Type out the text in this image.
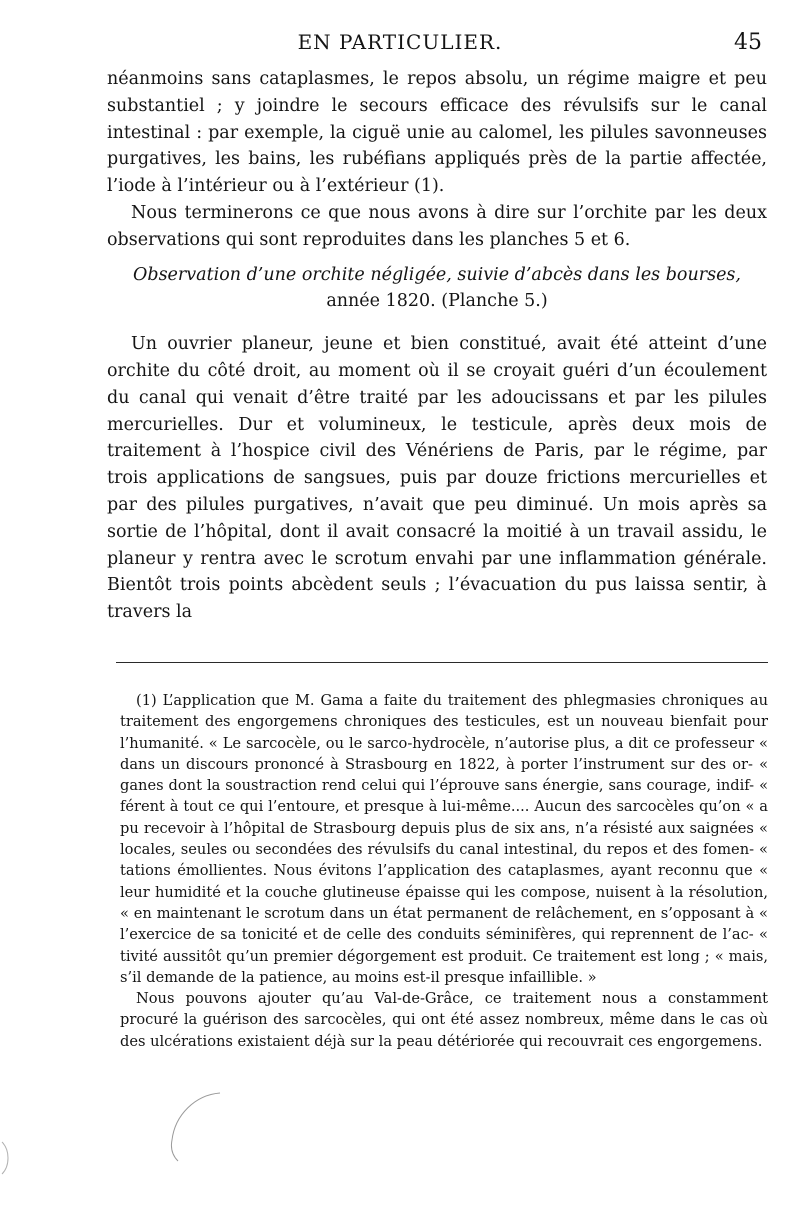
EN PARTICULIER.	45

néanmoins sans cataplasmes, le repos absolu, un régime maigre et peu substantiel ; y joindre le secours efficace des révulsifs sur le canal intestinal : par exemple, la ciguë unie au calomel, les pilules savonneuses purgatives, les bains, les rubéfians appliqués près de la partie affectée, l’iode à l’intérieur ou à l’extérieur (1).

Nous terminerons ce que nous avons à dire sur l’orchite par les deux observations qui sont reproduites dans les planches 5 et 6.

Observation d’une orchite négligée, suivie d’abcès dans les bourses, année 1820. (Planche 5.)

Un ouvrier planeur, jeune et bien constitué, avait été atteint d’une orchite du côté droit, au moment où il se croyait guéri d’un écoulement du canal qui venait d’être traité par les adoucissans et par les pilules mercurielles. Dur et volumineux, le testicule, après deux mois de traitement à l’hospice civil des Vénériens de Paris, par le régime, par trois applications de sangsues, puis par douze frictions mercurielles et par des pilules purgatives, n’avait que peu diminué. Un mois après sa sortie de l’hôpital, dont il avait consacré la moitié à un travail assidu, le planeur y rentra avec le scrotum envahi par une inflammation générale. Bientôt trois points abcèdent seuls ; l’évacuation du pus laissa sentir, à travers la

(1) L’application que M. Gama a faite du traitement des phlegmasies chroniques au traitement des engorgemens chroniques des testicules, est un nouveau bienfait pour l’humanité. « Le sarcocèle, ou le sarco-hydrocèle, n’autorise plus, a dit ce professeur « dans un discours prononcé à Strasbourg en 1822, à porter l’instrument sur des or- « ganes dont la soustraction rend celui qui l’éprouve sans énergie, sans courage, indif- « férent à tout ce qui l’entoure, et presque à lui-même.... Aucun des sarcocèles qu’on « a pu recevoir à l’hôpital de Strasbourg depuis plus de six ans, n’a résisté aux saignées « locales, seules ou secondées des révulsifs du canal intestinal, du repos et des fomen- « tations émollientes. Nous évitons l’application des cataplasmes, ayant reconnu que « leur humidité et la couche glutineuse épaisse qui les compose, nuisent à la résolution, « en maintenant le scrotum dans un état permanent de relâchement, en s’opposant à « l’exercice de sa tonicité et de celle des conduits séminifères, qui reprennent de l’ac- « tivité aussitôt qu’un premier dégorgement est produit. Ce traitement est long ; « mais, s’il demande de la patience, au moins est-il presque infaillible. »

Nous pouvons ajouter qu’au Val-de-Grâce, ce traitement nous a constamment procuré la guérison des sarcocèles, qui ont été assez nombreux, même dans le cas où des ulcérations existaient déjà sur la peau détériorée qui recouvrait ces engorgemens.
